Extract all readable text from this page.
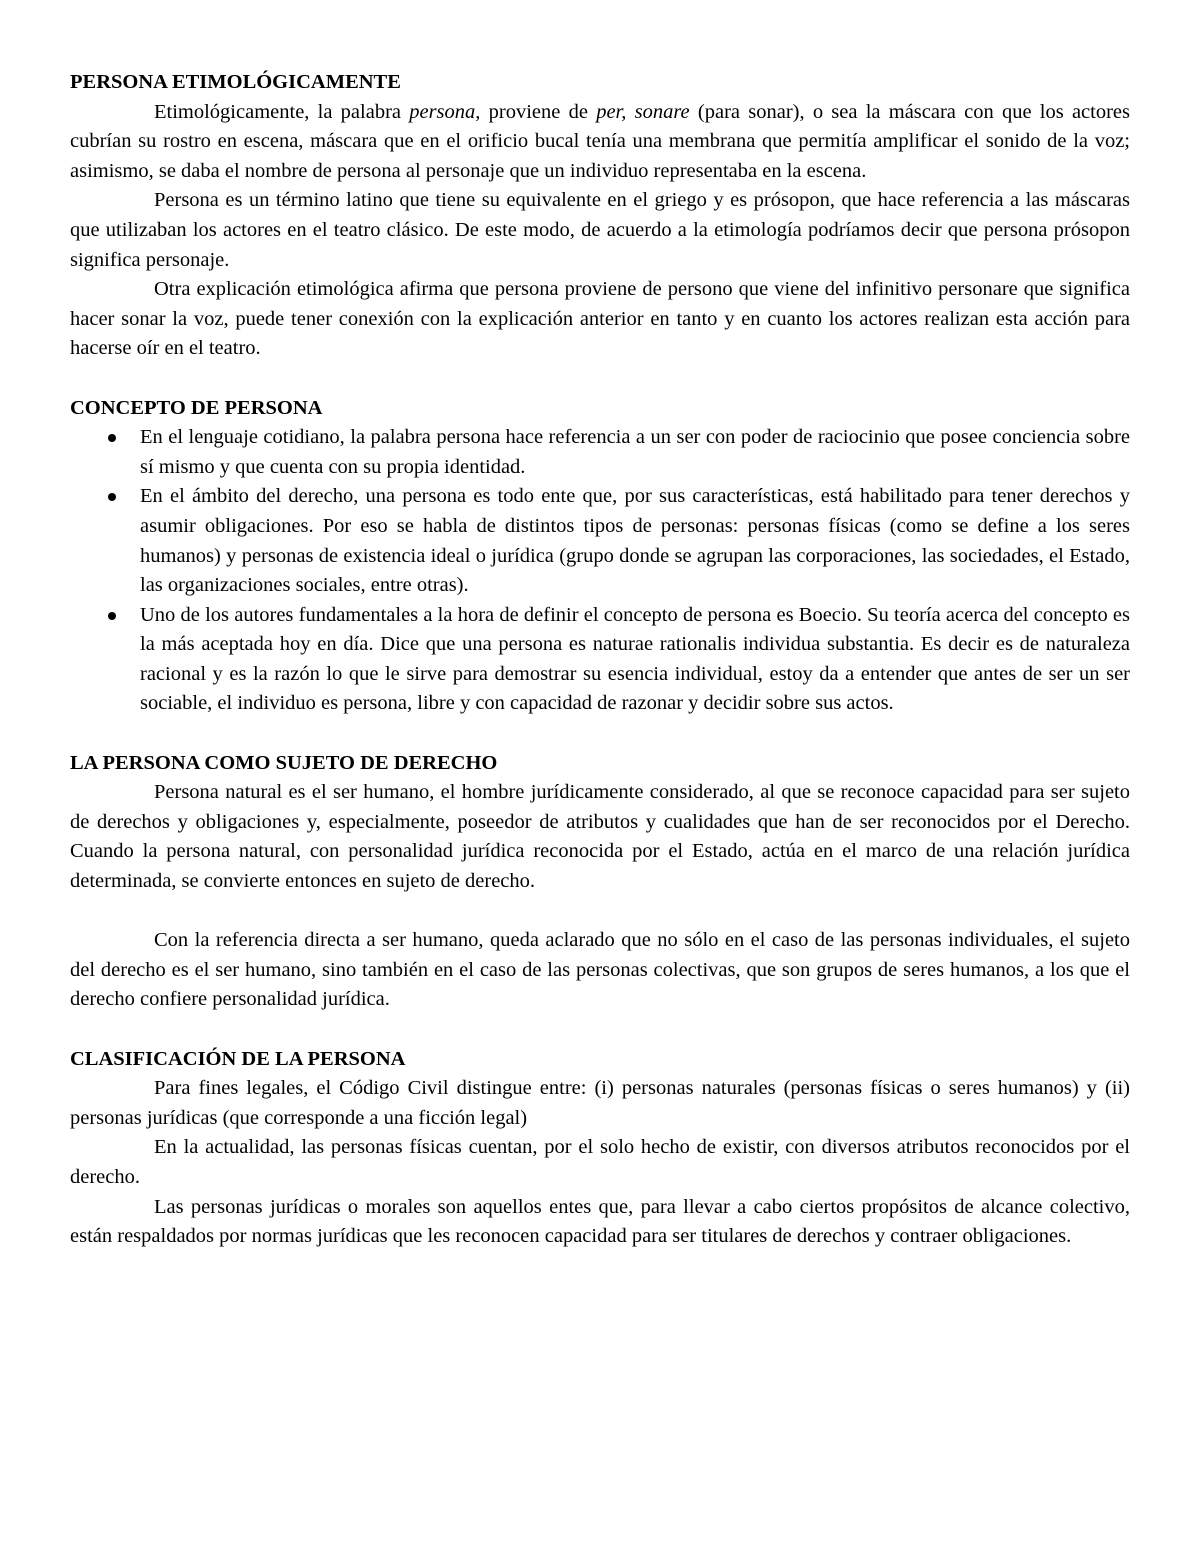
PERSONA ETIMOLÓGICAMENTE

Etimológicamente, la palabra persona, proviene de per, sonare (para sonar), o sea la máscara con que los actores cubrían su rostro en escena, máscara que en el orificio bucal tenía una membrana que permitía amplificar el sonido de la voz; asimismo, se daba el nombre de persona al personaje que un individuo representaba en la escena.

Persona es un término latino que tiene su equivalente en el griego y es prósopon, que hace referencia a las máscaras que utilizaban los actores en el teatro clásico. De este modo, de acuerdo a la etimología podríamos decir que persona prósopon significa personaje.

Otra explicación etimológica afirma que persona proviene de persono que viene del infinitivo personare que significa hacer sonar la voz, puede tener conexión con la explicación anterior en tanto y en cuanto los actores realizan esta acción para hacerse oír en el teatro.

CONCEPTO DE PERSONA
En el lenguaje cotidiano, la palabra persona hace referencia a un ser con poder de raciocinio que posee conciencia sobre sí mismo y que cuenta con su propia identidad.
En el ámbito del derecho, una persona es todo ente que, por sus características, está habilitado para tener derechos y asumir obligaciones. Por eso se habla de distintos tipos de personas: personas físicas (como se define a los seres humanos) y personas de existencia ideal o jurídica (grupo donde se agrupan las corporaciones, las sociedades, el Estado, las organizaciones sociales, entre otras).
Uno de los autores fundamentales a la hora de definir el concepto de persona es Boecio. Su teoría acerca del concepto es la más aceptada hoy en día. Dice que una persona es naturae rationalis individua substantia. Es decir es de naturaleza racional y es la razón lo que le sirve para demostrar su esencia individual, estoy da a entender que antes de ser un ser sociable, el individuo es persona, libre y con capacidad de razonar y decidir sobre sus actos.
LA PERSONA COMO SUJETO DE DERECHO

Persona natural es el ser humano, el hombre jurídicamente considerado, al que se reconoce capacidad para ser sujeto de derechos y obligaciones y, especialmente, poseedor de atributos y cualidades que han de ser reconocidos por el Derecho. Cuando la persona natural, con personalidad jurídica reconocida por el Estado, actúa en el marco de una relación jurídica determinada, se convierte entonces en sujeto de derecho.

Con la referencia directa a ser humano, queda aclarado que no sólo en el caso de las personas individuales, el sujeto del derecho es el ser humano, sino también en el caso de las personas colectivas, que son grupos de seres humanos, a los que el derecho confiere personalidad jurídica.

CLASIFICACIÓN DE LA PERSONA

Para fines legales, el Código Civil distingue entre: (i) personas naturales (personas físicas o seres humanos) y (ii) personas jurídicas (que corresponde a una ficción legal)

En la actualidad, las personas físicas cuentan, por el solo hecho de existir, con diversos atributos reconocidos por el derecho.

Las personas jurídicas o morales son aquellos entes que, para llevar a cabo ciertos propósitos de alcance colectivo, están respaldados por normas jurídicas que les reconocen capacidad para ser titulares de derechos y contraer obligaciones.
